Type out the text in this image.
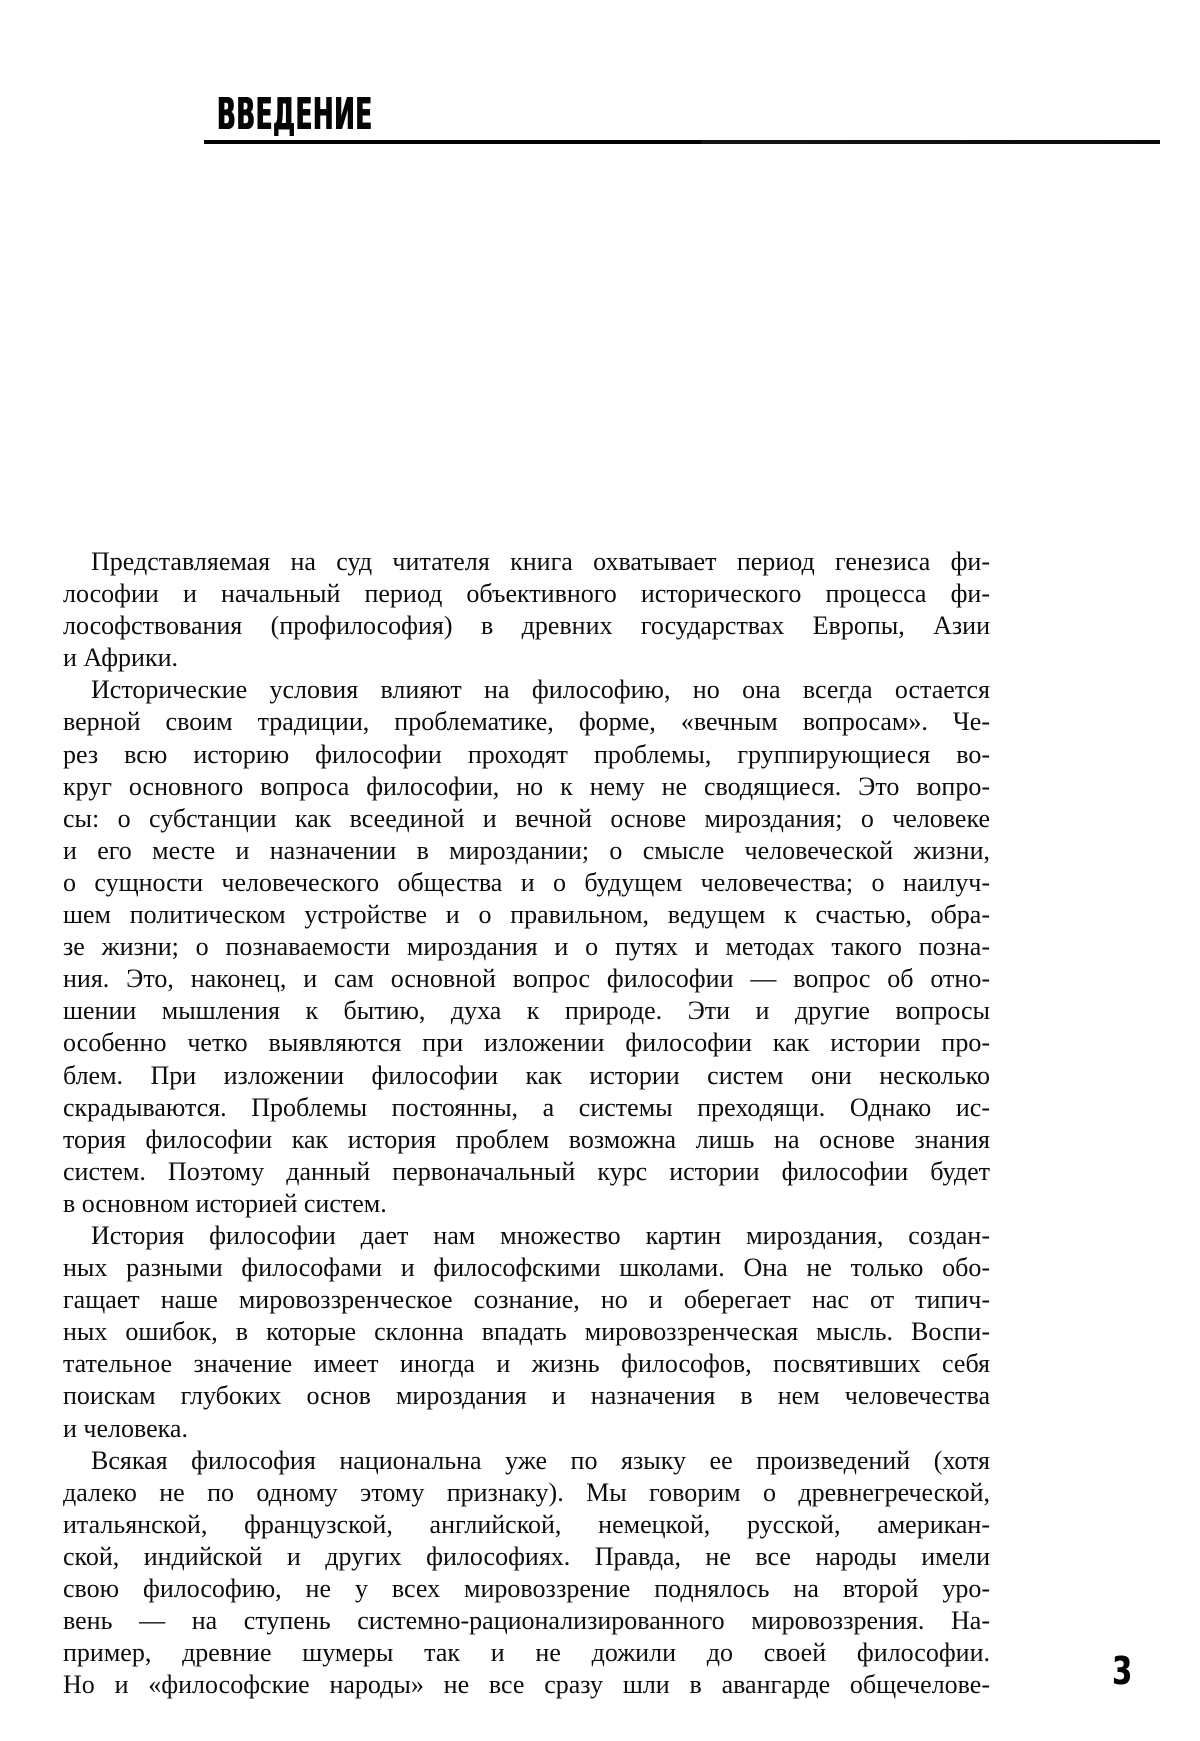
ВВЕДЕНИЕ
Представляемая на суд читателя книга охватывает период генезиса фи-
лософии и начальный период объективного исторического процесса фи-
лософствования (профилософия) в древних государствах Европы, Азии
и Африки.
Исторические условия влияют на философию, но она всегда остается
верной своим традиции, проблематике, форме, «вечным вопросам». Че-
рез всю историю философии проходят проблемы, группирующиеся во-
круг основного вопроса философии, но к нему не сводящиеся. Это вопро-
сы: о субстанции как всеединой и вечной основе мироздания; о человеке
и его месте и назначении в мироздании; о смысле человеческой жизни,
о сущности человеческого общества и о будущем человечества; о наилуч-
шем политическом устройстве и о правильном, ведущем к счастью, обра-
зе жизни; о познаваемости мироздания и о путях и методах такого позна-
ния. Это, наконец, и сам основной вопрос философии — вопрос об отно-
шении мышления к бытию, духа к природе. Эти и другие вопросы
особенно четко выявляются при изложении философии как истории про-
блем. При изложении философии как истории систем они несколько
скрадываются. Проблемы постоянны, а системы преходящи. Однако ис-
тория философии как история проблем возможна лишь на основе знания
систем. Поэтому данный первоначальный курс истории философии будет
в основном историей систем.
История философии дает нам множество картин мироздания, создан-
ных разными философами и философскими школами. Она не только обо-
гащает наше мировоззренческое сознание, но и оберегает нас от типич-
ных ошибок, в которые склонна впадать мировоззренческая мысль. Воспи-
тательное значение имеет иногда и жизнь философов, посвятивших себя
поискам глубоких основ мироздания и назначения в нем человечества
и человека.
Всякая философия национальна уже по языку ее произведений (хотя
далеко не по одному этому признаку). Мы говорим о древнегреческой,
итальянской, французской, английской, немецкой, русской, американ-
ской, индийской и других философиях. Правда, не все народы имели
свою философию, не у всех мировоззрение поднялось на второй уро-
вень — на ступень системно-рационализированного мировоззрения. На-
пример, древние шумеры так и не дожили до своей философии.
Но и «философские народы» не все сразу шли в авангарде общечелове-	3
